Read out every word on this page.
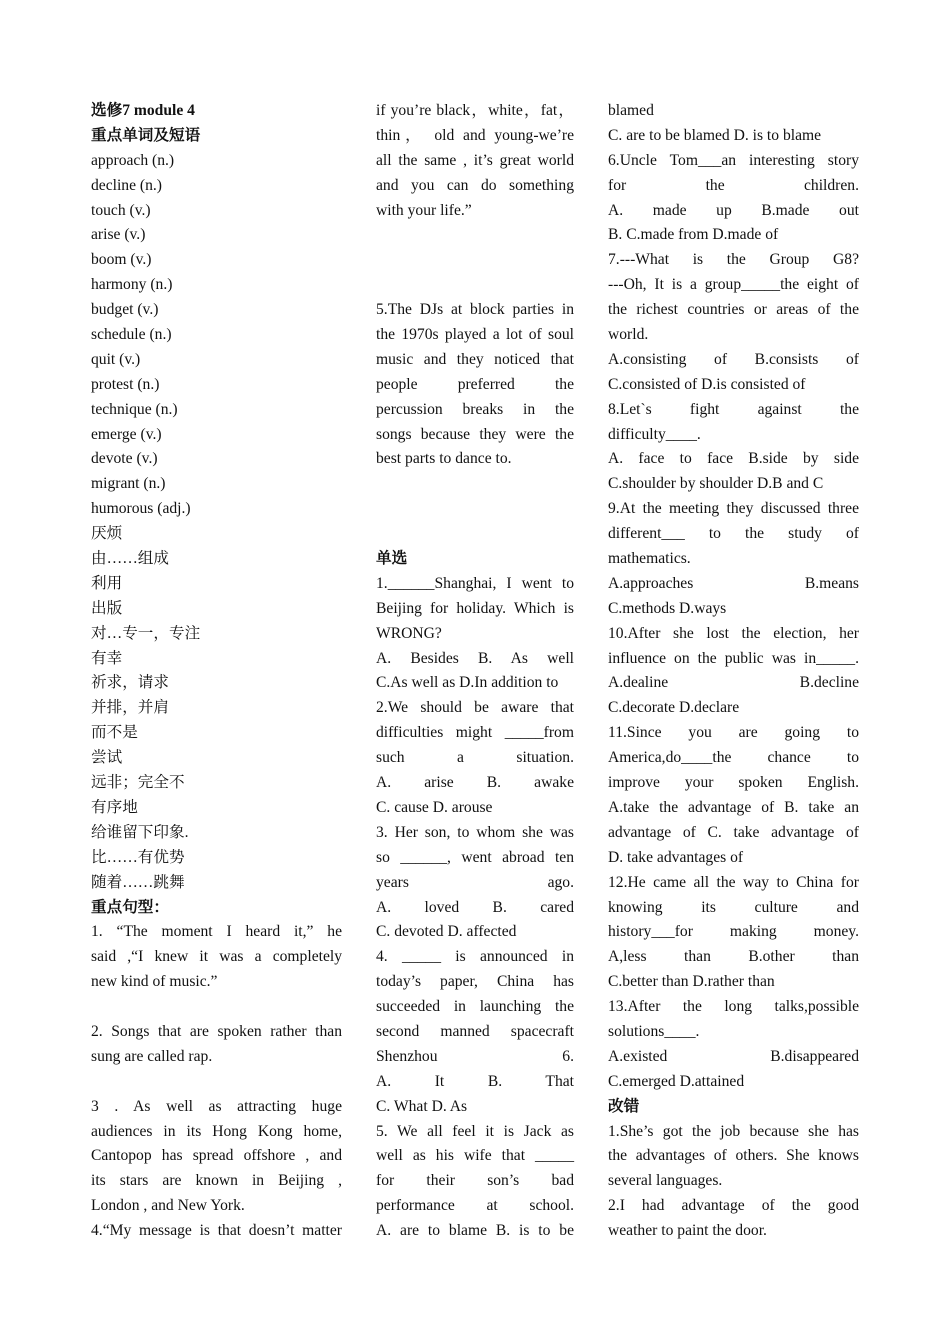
选修7 module 4
重点单词及短语
approach (n.)
decline (n.)
touch (v.)
arise (v.)
boom (v.)
harmony (n.)
budget (v.)
schedule (n.)
quit (v.)
protest (n.)
technique (n.)
emerge (v.)
devote (v.)
migrant (n.)
humorous (adj.)
厌烦
由……组成
利用
出版
对…专一，专注
有幸
祈求，请求
并排，并肩
而不是
尝试
远非；完全不
有序地
给谁留下印象.
比……有优势
随着……跳舞
重点句型：
1. “The moment I heard it,” he
said ,“I knew it was a completely
new kind of music.”
2. Songs that are spoken rather than
sung are called rap.
3 . As well as attracting huge
audiences in its Hong Kong home,
Cantopop has spread offshore , and
its stars are known in Beijing ,
London , and New York.
4.“My message is that doesn’t matter
if you’re black，white，fat，
thin， old and young-we’re
all the same , it’s great world
and you can do something
with your life.”
5.The DJs at block parties in
the 1970s played a lot of soul
music and they noticed that
people preferred the
percussion breaks in the
songs because they were the
best parts to dance to.
单选
1.______Shanghai, I went to
Beijing for holiday. Which is
WRONG?
A. Besides B. As well
C.As well as D.In addition to
2.We should be aware that
difficulties might _____from
such a situation.
A. arise B. awake
C. cause D. arouse
3. Her son, to whom she was
so ______, went abroad ten
years ago.
A. loved B. cared
C. devoted D. affected
4. _____ is announced in
today’s paper, China has
succeeded in launching the
second manned spacecraft
Shenzhou 6.
A. It B. That
C. What D. As
5. We all feel it is Jack as
well as his wife that _____
for their son’s bad
performance at school.
A. are to blame B. is to be
blamed
C. are to be blamed D. is to blame
6.Uncle Tom___an interesting story
for the children.
A. made up B.made out
B. C.made from D.made of
7.---What is the Group G8?
---Oh, It is a group_____the eight of
the richest countries or areas of the
world.
A.consisting of B.consists of
C.consisted of D.is consisted of
8.Let`s fight against the
difficulty____.
A. face to face B.side by side
C.shoulder by shoulder D.B and C
9.At the meeting they discussed three
different___ to the study of
mathematics.
A.approaches B.means
C.methods D.ways
10.After she lost the election, her
influence on the public was in_____.
A.dealine B.decline
C.decorate D.declare
11.Since you are going to
America,do____the chance to
improve your spoken English.
A.take the advantage of B. take an
advantage of C. take advantage of
D. take advantages of
12.He came all the way to China for
knowing its culture and
history___for making money.
A,less than B.other than
C.better than D.rather than
13.After the long talks,possible
solutions____.
A.existed B.disappeared
C.emerged D.attained
改错
1.She’s got the job because she has
the advantages of others. She knows
several languages.
2.I had advantage of the good
weather to paint the door.
